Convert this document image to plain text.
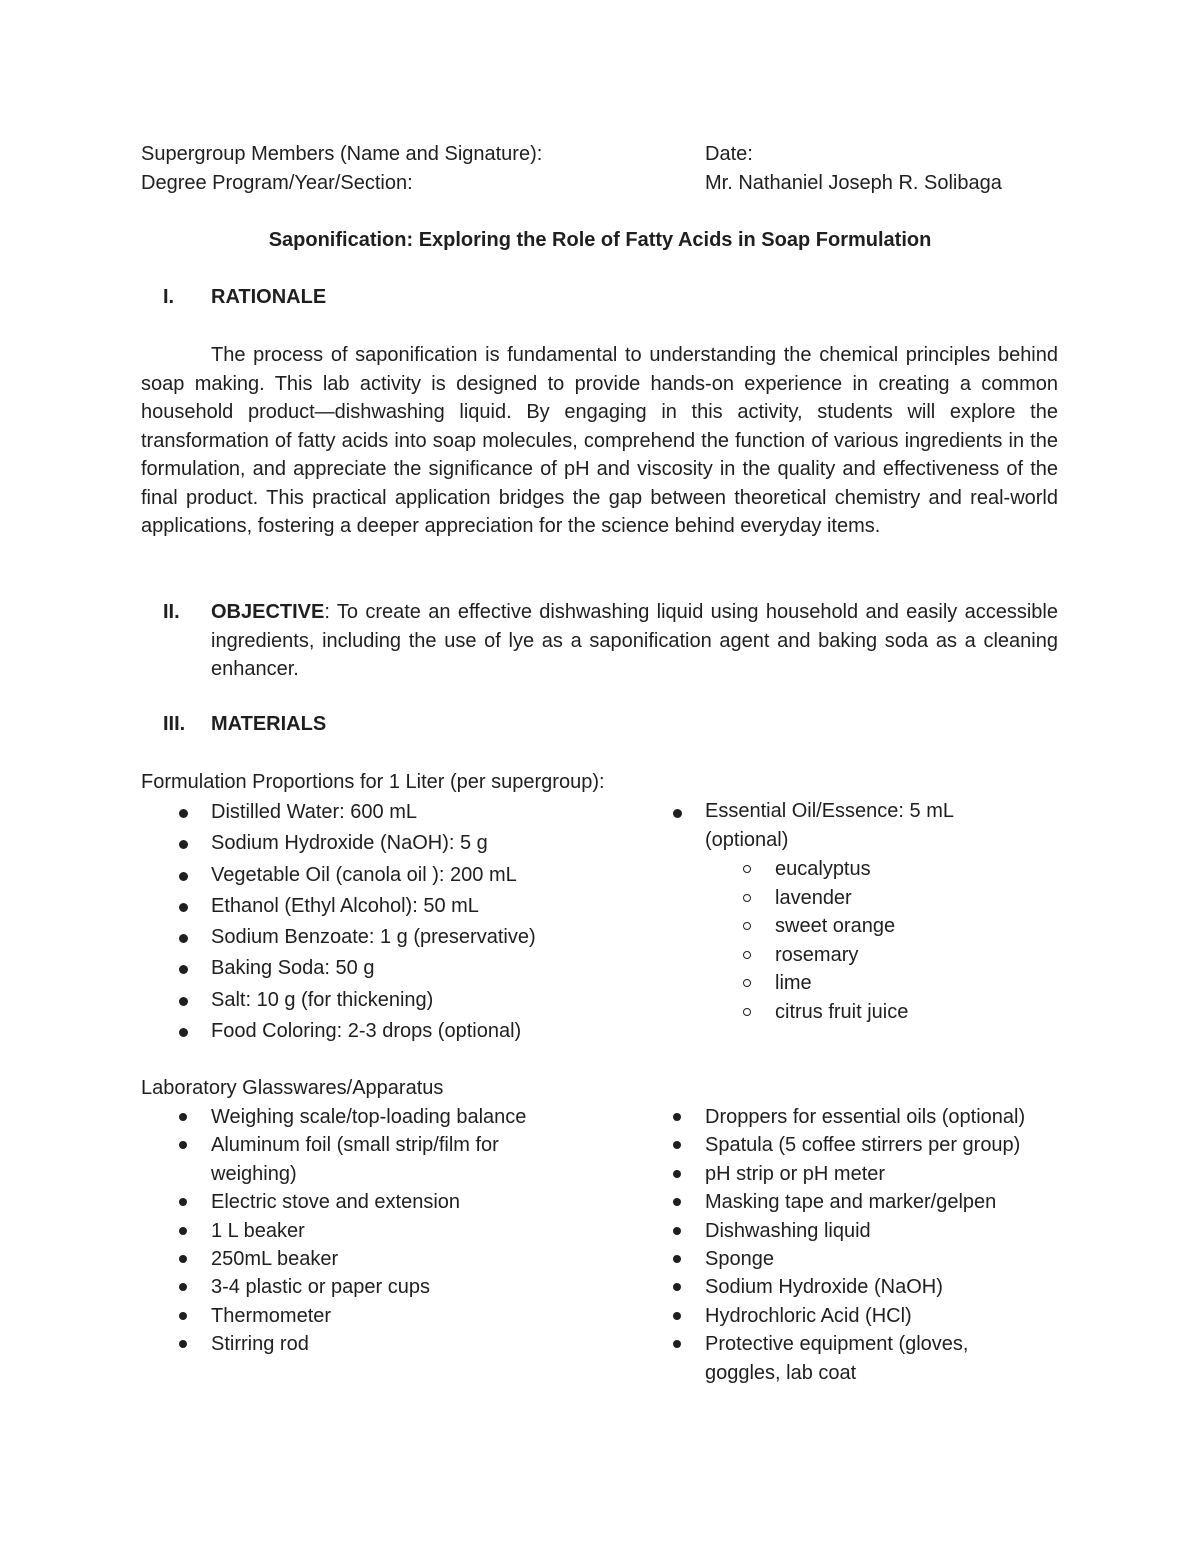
Supergroup Members (Name and Signature):	Date:
Degree Program/Year/Section:	Mr. Nathaniel Joseph R. Solibaga
Saponification: Exploring the Role of Fatty Acids in Soap Formulation
I. RATIONALE
The process of saponification is fundamental to understanding the chemical principles behind soap making. This lab activity is designed to provide hands-on experience in creating a common household product—dishwashing liquid. By engaging in this activity, students will explore the transformation of fatty acids into soap molecules, comprehend the function of various ingredients in the formulation, and appreciate the significance of pH and viscosity in the quality and effectiveness of the final product. This practical application bridges the gap between theoretical chemistry and real-world applications, fostering a deeper appreciation for the science behind everyday items.
II. OBJECTIVE: To create an effective dishwashing liquid using household and easily accessible ingredients, including the use of lye as a saponification agent and baking soda as a cleaning enhancer.
III. MATERIALS
Formulation Proportions for 1 Liter (per supergroup):
Distilled Water: 600 mL
Sodium Hydroxide (NaOH): 5 g
Vegetable Oil (canola oil ): 200 mL
Ethanol (Ethyl Alcohol): 50 mL
Sodium Benzoate: 1 g (preservative)
Baking Soda: 50 g
Salt: 10 g (for thickening)
Food Coloring: 2-3 drops (optional)
Essential Oil/Essence: 5 mL
(optional)
eucalyptus
lavender
sweet orange
rosemary
lime
citrus fruit juice
Laboratory Glasswares/Apparatus
Weighing scale/top-loading balance
Aluminum foil (small strip/film for
weighing)
Electric stove and extension
1 L beaker
250mL beaker
3-4 plastic or paper cups
Thermometer
Stirring rod
Droppers for essential oils (optional)
Spatula (5 coffee stirrers per group)
pH strip or pH meter
Masking tape and marker/gelpen
Dishwashing liquid
Sponge
Sodium Hydroxide (NaOH)
Hydrochloric Acid (HCl)
Protective equipment (gloves,
goggles, lab coat
